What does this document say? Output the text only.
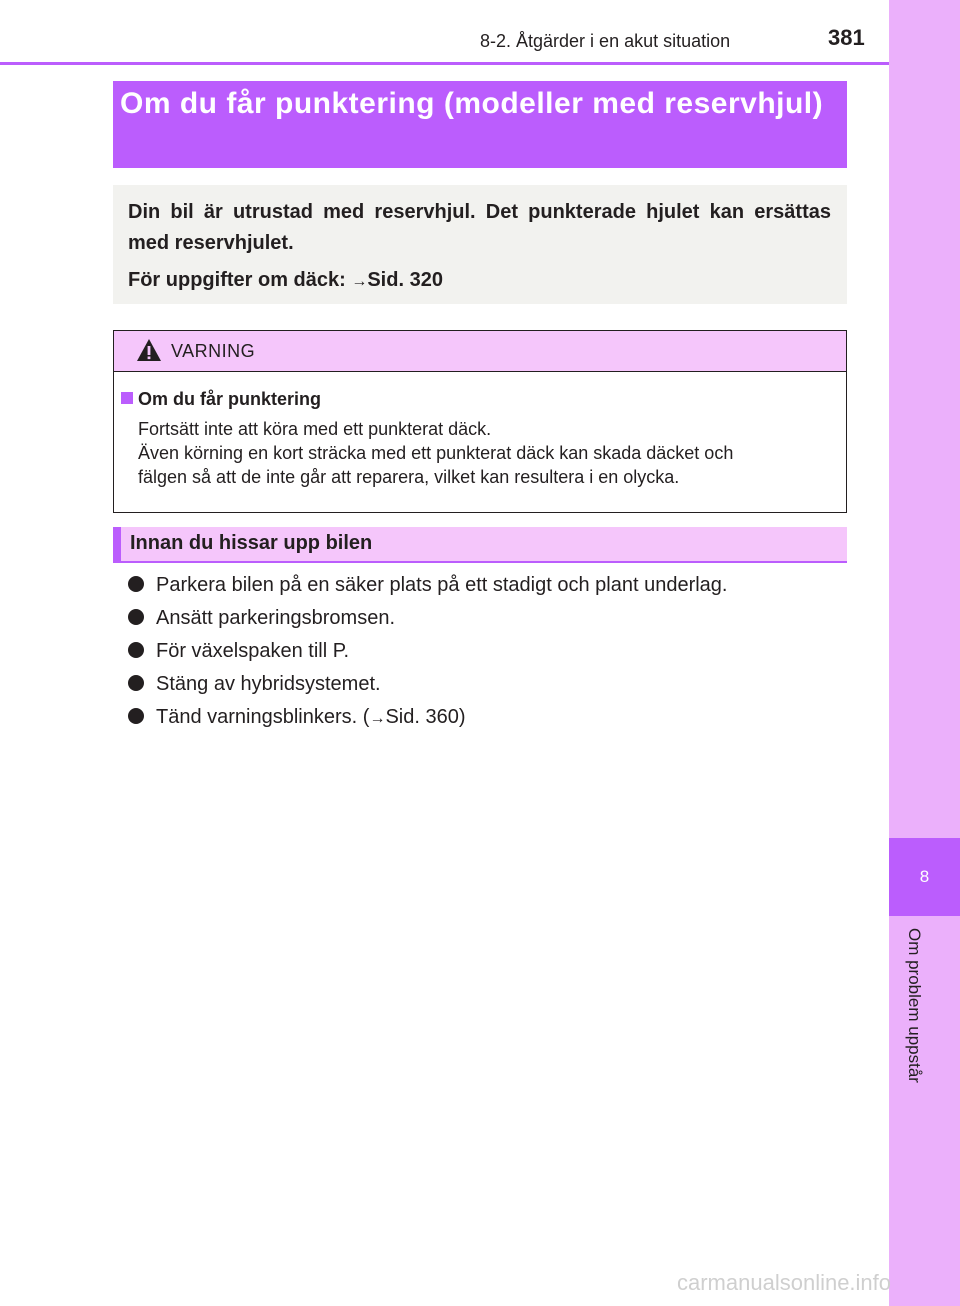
8
Om problem uppstår
8-2. Åtgärder i en akut situation	381
Om du får punktering (modeller med reservhjul)

Din bil är utrustad med reservhjul. Det punkterade hjulet kan ersättas med reservhjulet.

För uppgifter om däck: →Sid. 320

VARNING
Om du får punktering

Fortsätt inte att köra med ett punkterat däck.
Även körning en kort sträcka med ett punkterat däck kan skada däcket och
fälgen så att de inte går att reparera, vilket kan resultera i en olycka.

Innan du hissar upp bilen
Parkera bilen på en säker plats på ett stadigt och plant underlag.
Ansätt parkeringsbromsen.
För växelspaken till P.
Stäng av hybridsystemet.
Tänd varningsblinkers. (→Sid. 360)
carmanualsonline.info
